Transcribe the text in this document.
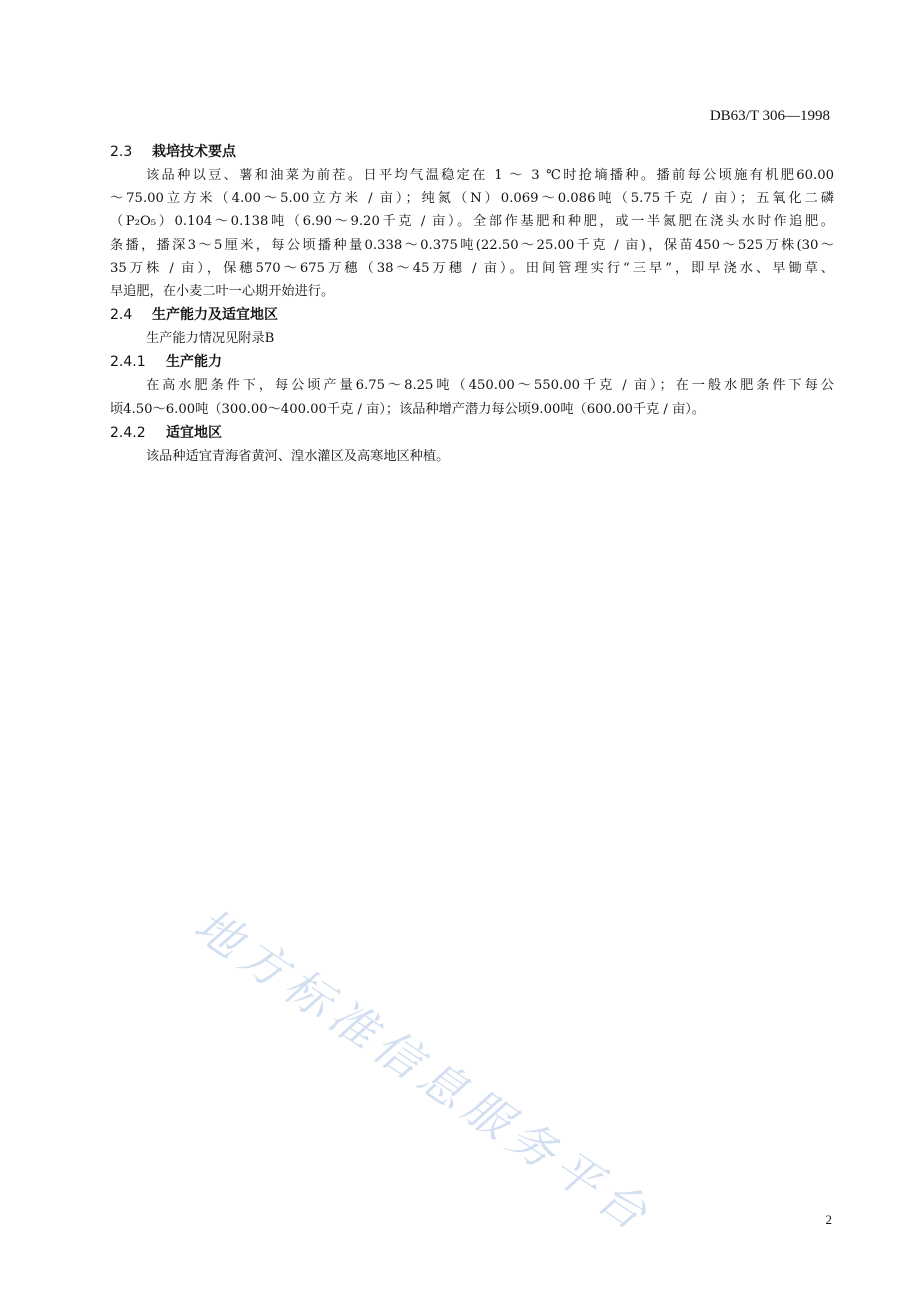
DB63/T 306—1998
2.3 栽培技术要点

该品种以豆、薯和油菜为前茬。日平均气温稳定在 1 ～ 3 ℃时抢墒播种。播前每公顷施有机肥60.00
～75.00立方米（4.00～5.00立方米 / 亩）；纯氮（N）0.069～0.086吨（5.75千克 / 亩）；五氧化二磷
（P₂O₅）0.104～0.138吨（6.90～9.20千克 / 亩）。全部作基肥和种肥，或一半氮肥在浇头水时作追肥。
条播，播深3～5厘米，每公顷播种量0.338～0.375吨(22.50～25.00千克 / 亩)，保苗450～525万株(30～
35万株 / 亩），保穗570～675万穗（38～45万穗 / 亩）。田间管理实行“三早”，即早浇水、早锄草、
早追肥，在小麦二叶一心期开始进行。

2.4 生产能力及适宜地区

生产能力情况见附录B

2.4.1 生产能力

在高水肥条件下，每公顷产量6.75～8.25吨（450.00～550.00千克 / 亩）；在一般水肥条件下每公
顷4.50～6.00吨（300.00～400.00千克 / 亩）；该品种增产潜力每公顷9.00吨（600.00千克 / 亩）。

2.4.2 适宜地区

该品种适宜青海省黄河、湟水灌区及高寒地区种植。

地方标准信息服务平台	2
